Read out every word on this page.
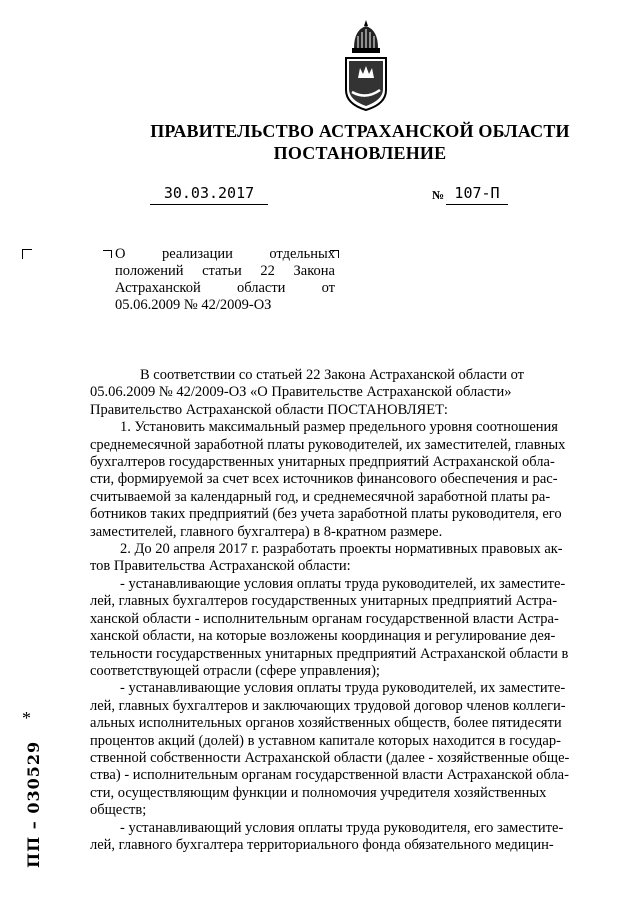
ПРАВИТЕЛЬСТВО АСТРАХАНСКОЙ ОБЛАСТИ
ПОСТАНОВЛЕНИЕ
30.03.2017	№ 107-П

О реализации отдельных положений статьи 22 Закона Астраханской области от 05.06.2009 № 42/2009-ОЗ

В соответствии со статьей 22 Закона Астраханской области от

05.06.2009 № 42/2009-ОЗ «О Правительстве Астраханской области»

Правительство Астраханской области ПОСТАНОВЛЯЕТ:

1. Установить максимальный размер предельного уровня соотношения

среднемесячной заработной платы руководителей, их заместителей, главных

бухгалтеров государственных унитарных предприятий Астраханской обла-

сти, формируемой за счет всех источников финансового обеспечения и рас-

считываемой за календарный год, и среднемесячной заработной платы ра-

ботников таких предприятий (без учета заработной платы руководителя, его

заместителей, главного бухгалтера) в 8-кратном размере.

2. До 20 апреля 2017 г. разработать проекты нормативных правовых ак-

тов Правительства Астраханской области:

- устанавливающие условия оплаты труда руководителей, их заместите-

лей, главных бухгалтеров государственных унитарных предприятий Астра-

ханской области - исполнительным органам государственной власти Астра-

ханской области, на которые возложены координация и регулирование дея-

тельности государственных унитарных предприятий Астраханской области в

соответствующей отрасли (сфере управления);

- устанавливающие условия оплаты труда руководителей, их заместите-

лей, главных бухгалтеров и заключающих трудовой договор членов коллеги-

альных исполнительных органов хозяйственных обществ, более пятидесяти

процентов акций (долей) в уставном капитале которых находится в государ-

ственной собственности Астраханской области (далее - хозяйственные обще-

ства) - исполнительным органам государственной власти Астраханской обла-

сти, осуществляющим функции и полномочия учредителя хозяйственных

обществ;

- устанавливающий условия оплаты труда руководителя, его заместите-

лей, главного бухгалтера территориального фонда обязательного медицин-

*
ПП – 030529
